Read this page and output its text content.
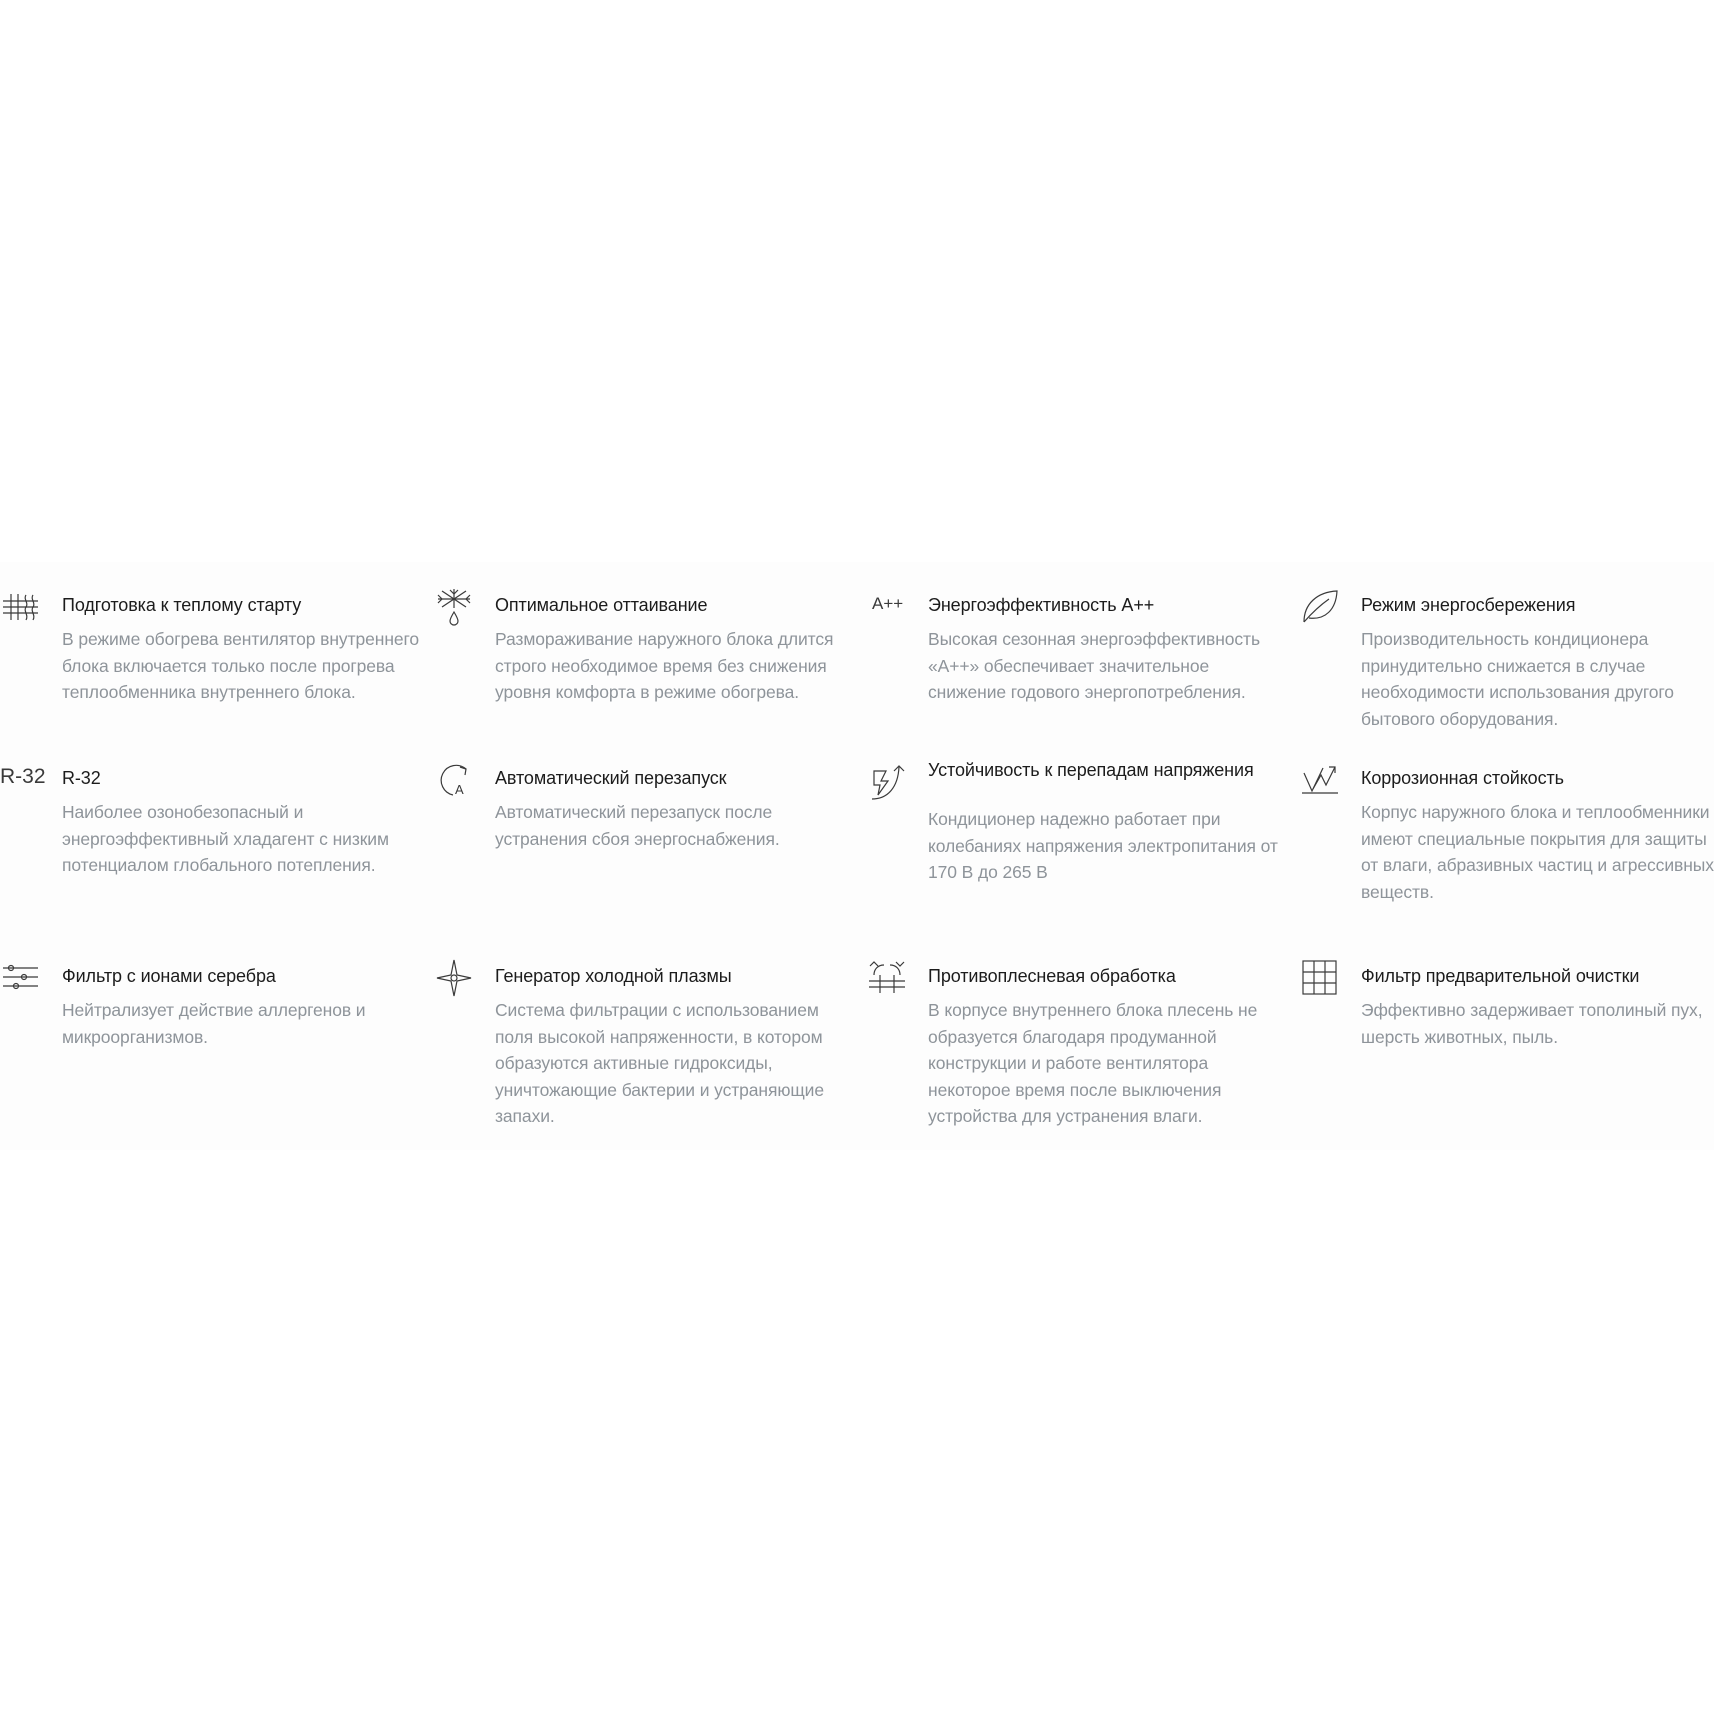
Подготовка к теплому старту
В режиме обогрева вентилятор внутреннего блока включается только после прогрева теплообменника внутреннего блока.
Оптимальное оттаивание
Размораживание наружного блока длится строго необходимое время без снижения уровня комфорта в режиме обогрева.
A++ Энергоэффективность A++
Высокая сезонная энергоэффективность «A++» обеспечивает значительное снижение годового энергопотребления.
Режим энергосбережения
Производительность кондиционера принудительно снижается в случае необходимости использования другого бытового оборудования.
R-32 R-32
Наиболее озонобезопасный и энергоэффективный хладагент с низким потенциалом глобального потепления.
A
Автоматический перезапуск
Автоматический перезапуск после устранения сбоя энергоснабжения.
Устойчивость к перепадам напряжения
Кондиционер надежно работает при колебаниях напряжения электропитания от 170 В до 265 В
Коррозионная стойкость
Корпус наружного блока и теплообменники имеют специальные покрытия для защиты от влаги, абразивных частиц и агрессивных веществ.
Фильтр с ионами серебра
Нейтрализует действие аллергенов и микроорганизмов.
Генератор холодной плазмы
Система фильтрации с использованием поля высокой напряженности, в котором образуются активные гидроксиды, уничтожающие бактерии и устраняющие запахи.
Противоплесневая обработка
В корпусе внутреннего блока плесень не образуется благодаря продуманной конструкции и работе вентилятора некоторое время после выключения устройства для устранения влаги.
Фильтр предварительной очистки
Эффективно задерживает тополиный пух, шерсть животных, пыль.
